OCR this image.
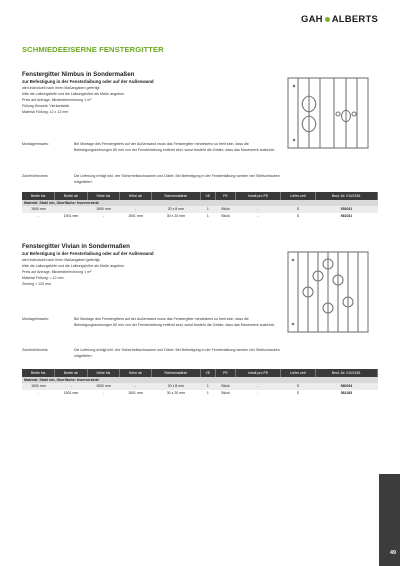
GAH ALBERTS
SCHMIEDEEISERNE FENSTERGITTER
Fenstergitter Nimbus in Sondermaßen
zur Befestigung in der Fensterlaibung oder auf der Außenwand
wird individuell nach Ihren Maßangaben gefertigt
bitte die Laibungstiefe und die Laibungshöhe als Maße angeben
Preis auf Anfrage, Mindestberechnung 1 m²
Füllung Hinweis: Vierkantstab
Material Füllung: 12 x 12 mm
Montagehinweis:	Bei Montage des Fenstergitters auf der Außenwand muss das Fenstergitter mindestens so breit sein, dass die Befestigungsbohrungen 80 mm von der Fensterlaibung entfernt sind, sonst besteht die Gefahr, dass das Mauerwerk ausbricht.
Zubehörhinweis:	Die Lieferung erfolgt inkl. vier Sicherheitsschrauben und Dübel. Bei Befestigung in der Fensterlaibung werden vier Stellschrauben mitgeliefert.
Breite bis	Breite ab	Höhe bis	Höhe ab	Rahmenstärke	VE	PE	Inhalt pro PE	Liefer-zeit	Best.-Nr. KG/4338.
Material: Stahl roh, Oberfläche: feuerverzinkt									
1500 mm	-	1500 mm	-	20 x 8 mm	1	Stück	-	S	553031
-	1501 mm	-	1501 mm	30 x 20 mm	1	Stück	-	S	561031
Fenstergitter Vivian in Sondermaßen
zur Befestigung in der Fensterlaibung oder auf der Außenwand
wird individuell nach Ihren Maßangaben gefertigt
bitte die Laibungstiefe und die Laibungshöhe als Maße angeben
Preis auf Anfrage, Mindestberechnung 1 m²
Material Füllung: ≈ 12 mm
Zierring ≈ 120 mm
Montagehinweis:	Bei Montage des Fenstergitters auf der Außenwand muss das Fenstergitter mindestens so breit sein, dass die Befestigungsbohrungen 80 mm von der Fensterlaibung entfernt sind, sonst besteht die Gefahr, dass das Mauerwerk ausbricht.
Zubehörhinweis:	Die Lieferung erfolgt inkl. vier Sicherheitsschrauben und Dübel. Bei Befestigung in der Fensterlaibung werden vier Stellschrauben mitgeliefert.
Breite bis	Breite ab	Höhe bis	Höhe ab	Rahmenstärke	VE	PE	Inhalt pro PE	Liefer-zeit	Best.-Nr. KG/4338.
Material: Stahl roh, Oberfläche: feuerverzinkt									
1500 mm	-	1500 mm	-	20 x 8 mm	1	Stück	-	S	560034
-	1501 mm	-	1501 mm	30 x 20 mm	1	Stück	-	S	581185
49
